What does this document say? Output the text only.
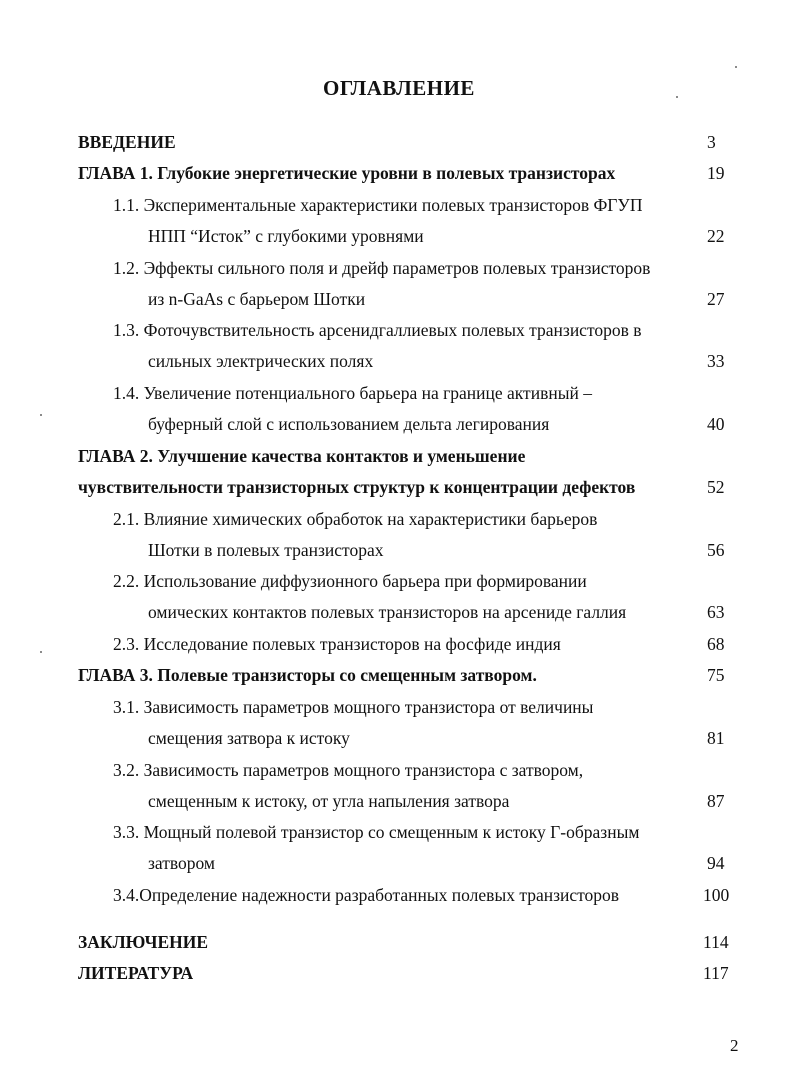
ОГЛАВЛЕНИЕ
ВВЕДЕНИЕ	3
ГЛАВА 1. Глубокие энергетические уровни в полевых транзисторах	19
1.1. Экспериментальные характеристики полевых транзисторов ФГУП
НПП “Исток” с глубокими уровнями	22
1.2. Эффекты сильного поля и дрейф параметров полевых транзисторов
из n-GaAs с барьером Шотки	27
1.3. Фоточувствительность арсенидгаллиевых полевых транзисторов в
сильных электрических полях	33
1.4. Увеличение потенциального барьера на границе активный –
буферный слой с использованием дельта легирования	40
ГЛАВА 2. Улучшение качества контактов и уменьшение
чувствительности транзисторных структур к концентрации дефектов	52
2.1. Влияние химических обработок на характеристики барьеров
Шотки в полевых транзисторах	56
2.2. Использование диффузионного барьера при формировании
омических контактов полевых транзисторов на арсениде галлия	63
2.3. Исследование полевых транзисторов на фосфиде индия	68
ГЛАВА 3. Полевые транзисторы со смещенным затвором.	75
3.1. Зависимость параметров мощного транзистора от величины
смещения затвора к истоку	81
3.2. Зависимость параметров мощного транзистора с затвором,
смещенным к истоку, от угла напыления затвора	87
3.3. Мощный полевой транзистор со смещенным к истоку Г-образным
затвором	94
3.4.Определение надежности разработанных полевых транзисторов	100
ЗАКЛЮЧЕНИЕ	114
ЛИТЕРАТУРА	117
2
